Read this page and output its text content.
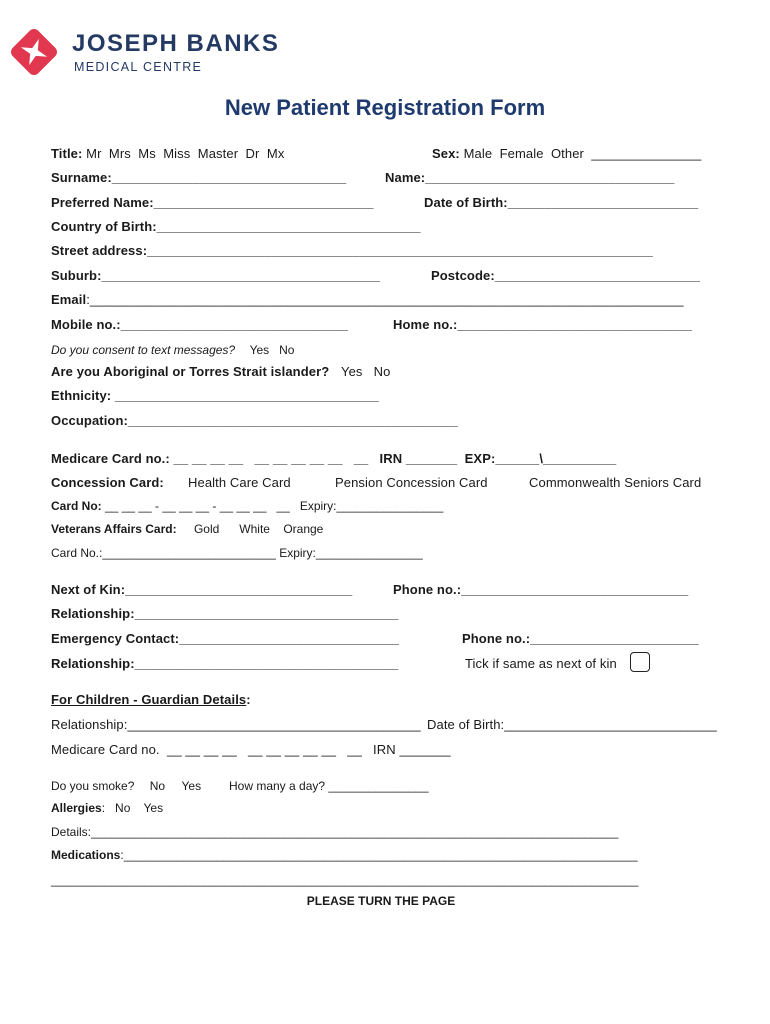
JOSEPH BANKS
MEDICAL CENTRE
New Patient Registration Form
Title: Mr  Mrs  Ms  Miss  Master  Dr  Mx	Sex: Male  Female  Other  _______________
Surname:________________________________	Name:__________________________________
Preferred Name:______________________________	Date of Birth:__________________________
Country of Birth:____________________________________
Street address:_____________________________________________________________________
Suburb:______________________________________	Postcode:____________________________
Email:_________________________________________________________________________________
Mobile no.:_______________________________	Home no.:________________________________
Do you consent to text messages? Yes   No
Are you Aboriginal or Torres Strait islander? Yes   No
Ethnicity: ____________________________________
Occupation:_____________________________________________
Medicare Card no.: __ __ __ __   __ __ __ __ __   __   IRN _______  EXP:______\__________
Concession Card: Health Care Card	Pension Concession Card	Commonwealth Seniors Card
Card No: __ __ __ - __ __ __ - __ __ __   __   Expiry:________________
Veterans Affairs Card: Gold      White    Orange
Card No.:__________________________ Expiry:________________
Next of Kin:_______________________________	Phone no.:_______________________________
Relationship:____________________________________
Emergency Contact:______________________________	Phone no.:_______________________
Relationship:____________________________________	Tick if same as next of kin
For Children - Guardian Details:
Relationship:________________________________________ Date of Birth:_____________________________
Medicare Card no.  __ __ __ __   __ __ __ __ __   __   IRN _______
Do you smoke? No     Yes How many a day? _______________
Allergies:   No    Yes
Details:_______________________________________________________________________________
Medications:_____________________________________________________________________________
________________________________________________________________________________________
PLEASE TURN THE PAGE
